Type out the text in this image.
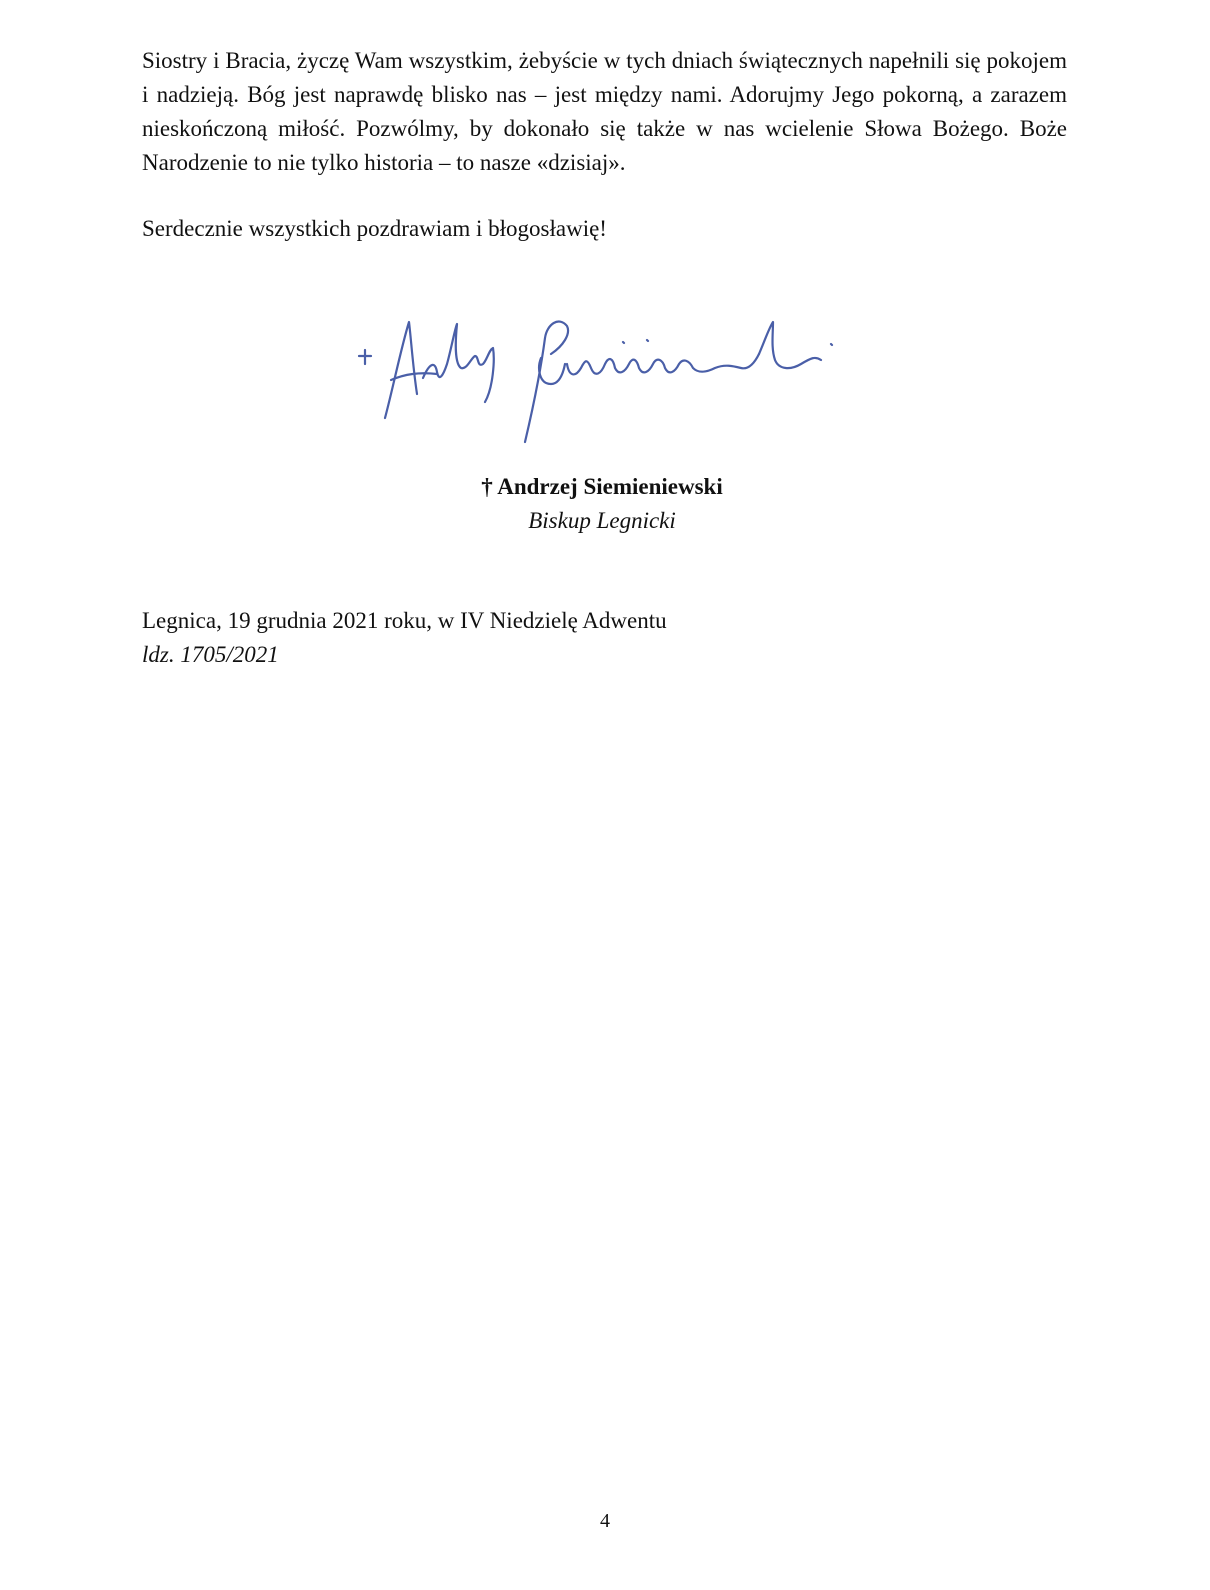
Siostry i Bracia, życzę Wam wszystkim, żebyście w tych dniach świątecznych napełnili się pokojem i nadzieją. Bóg jest naprawdę blisko nas – jest między nami. Adorujmy Jego pokorną, a zarazem nieskończoną miłość. Pozwólmy, by dokonało się także w nas wcielenie Słowa Bożego. Boże Narodzenie to nie tylko historia – to nasze «dzisiaj».

Serdecznie wszystkich pozdrawiam i błogosławię!

† Andrzej Siemieniewski
Biskup Legnicki
Legnica, 19 grudnia 2021 roku, w IV Niedzielę Adwentu
ldz. 1705/2021
4
